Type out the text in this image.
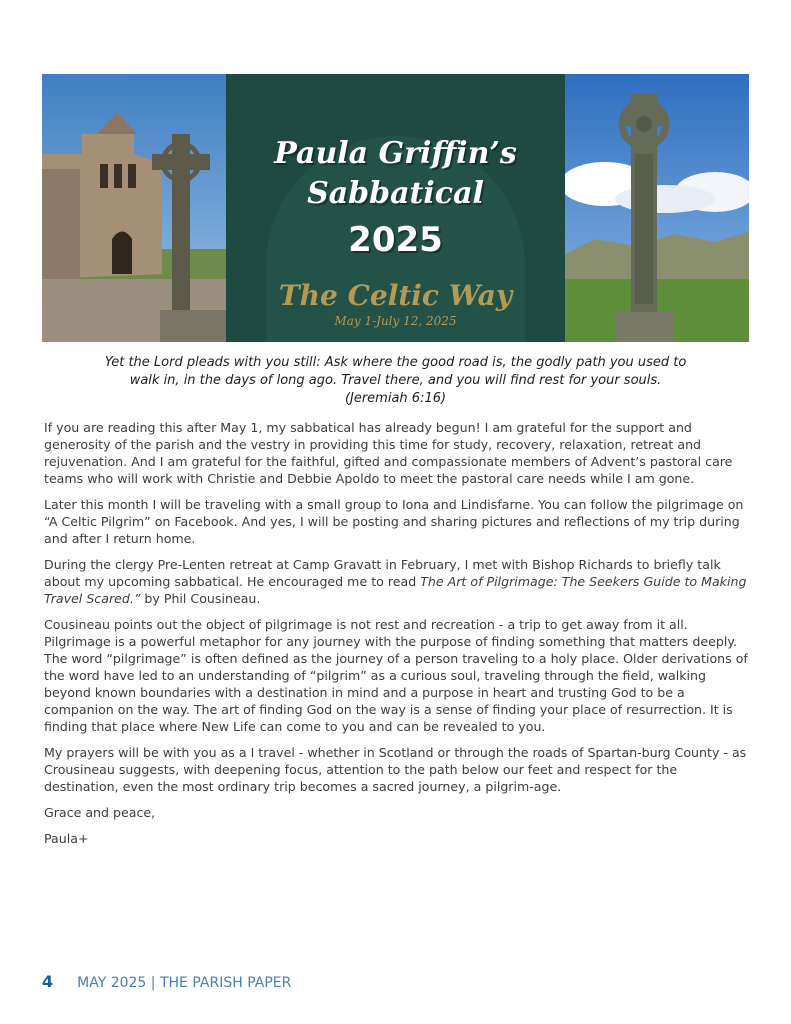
Paula Griffin’s
Sabbatical
2025
The Celtic Way
May 1-July 12, 2025
Yet the Lord pleads with you still: Ask where the good road is, the godly path you used to
walk in, in the days of long ago. Travel there, and you will find rest for your souls.
(Jeremiah 6:16)

If you are reading this after May 1, my sabbatical has already begun! I am grateful for the support and generosity of the parish and the vestry in providing this time for study, recovery, relaxation, retreat and rejuvenation. And I am grateful for the faithful, gifted and compassionate members of Advent’s pastoral care teams who will work with Christie and Debbie Apoldo to meet the pastoral care needs while I am gone.

Later this month I will be traveling with a small group to Iona and Lindisfarne. You can follow the pilgrimage on “A Celtic Pilgrim” on Facebook. And yes, I will be posting and sharing pictures and reflections of my trip during and after I return home.

During the clergy Pre-Lenten retreat at Camp Gravatt in February, I met with Bishop Richards to briefly talk about my upcoming sabbatical. He encouraged me to read The Art of Pilgrimage: The Seekers Guide to Making Travel Scared.” by Phil Cousineau.

Cousineau points out the object of pilgrimage is not rest and recreation - a trip to get away from it all. Pilgrimage is a powerful metaphor for any journey with the purpose of finding something that matters deeply. The word “pilgrimage” is often defined as the journey of a person traveling to a holy place. Older derivations of the word have led to an understanding of “pilgrim” as a curious soul, traveling through the field, walking beyond known boundaries with a destination in mind and a purpose in heart and trusting God to be a companion on the way. The art of finding God on the way is a sense of finding your place of resurrection. It is finding that place where New Life can come to you and can be revealed to you.

My prayers will be with you as a I travel - whether in Scotland or through the roads of Spartan-burg County - as Crousineau suggests, with deepening focus, attention to the path below our feet and respect for the destination, even the most ordinary trip becomes a sacred journey, a pilgrim-age.

Grace and peace,

Paula+

4 MAY 2025 | THE PARISH PAPER
